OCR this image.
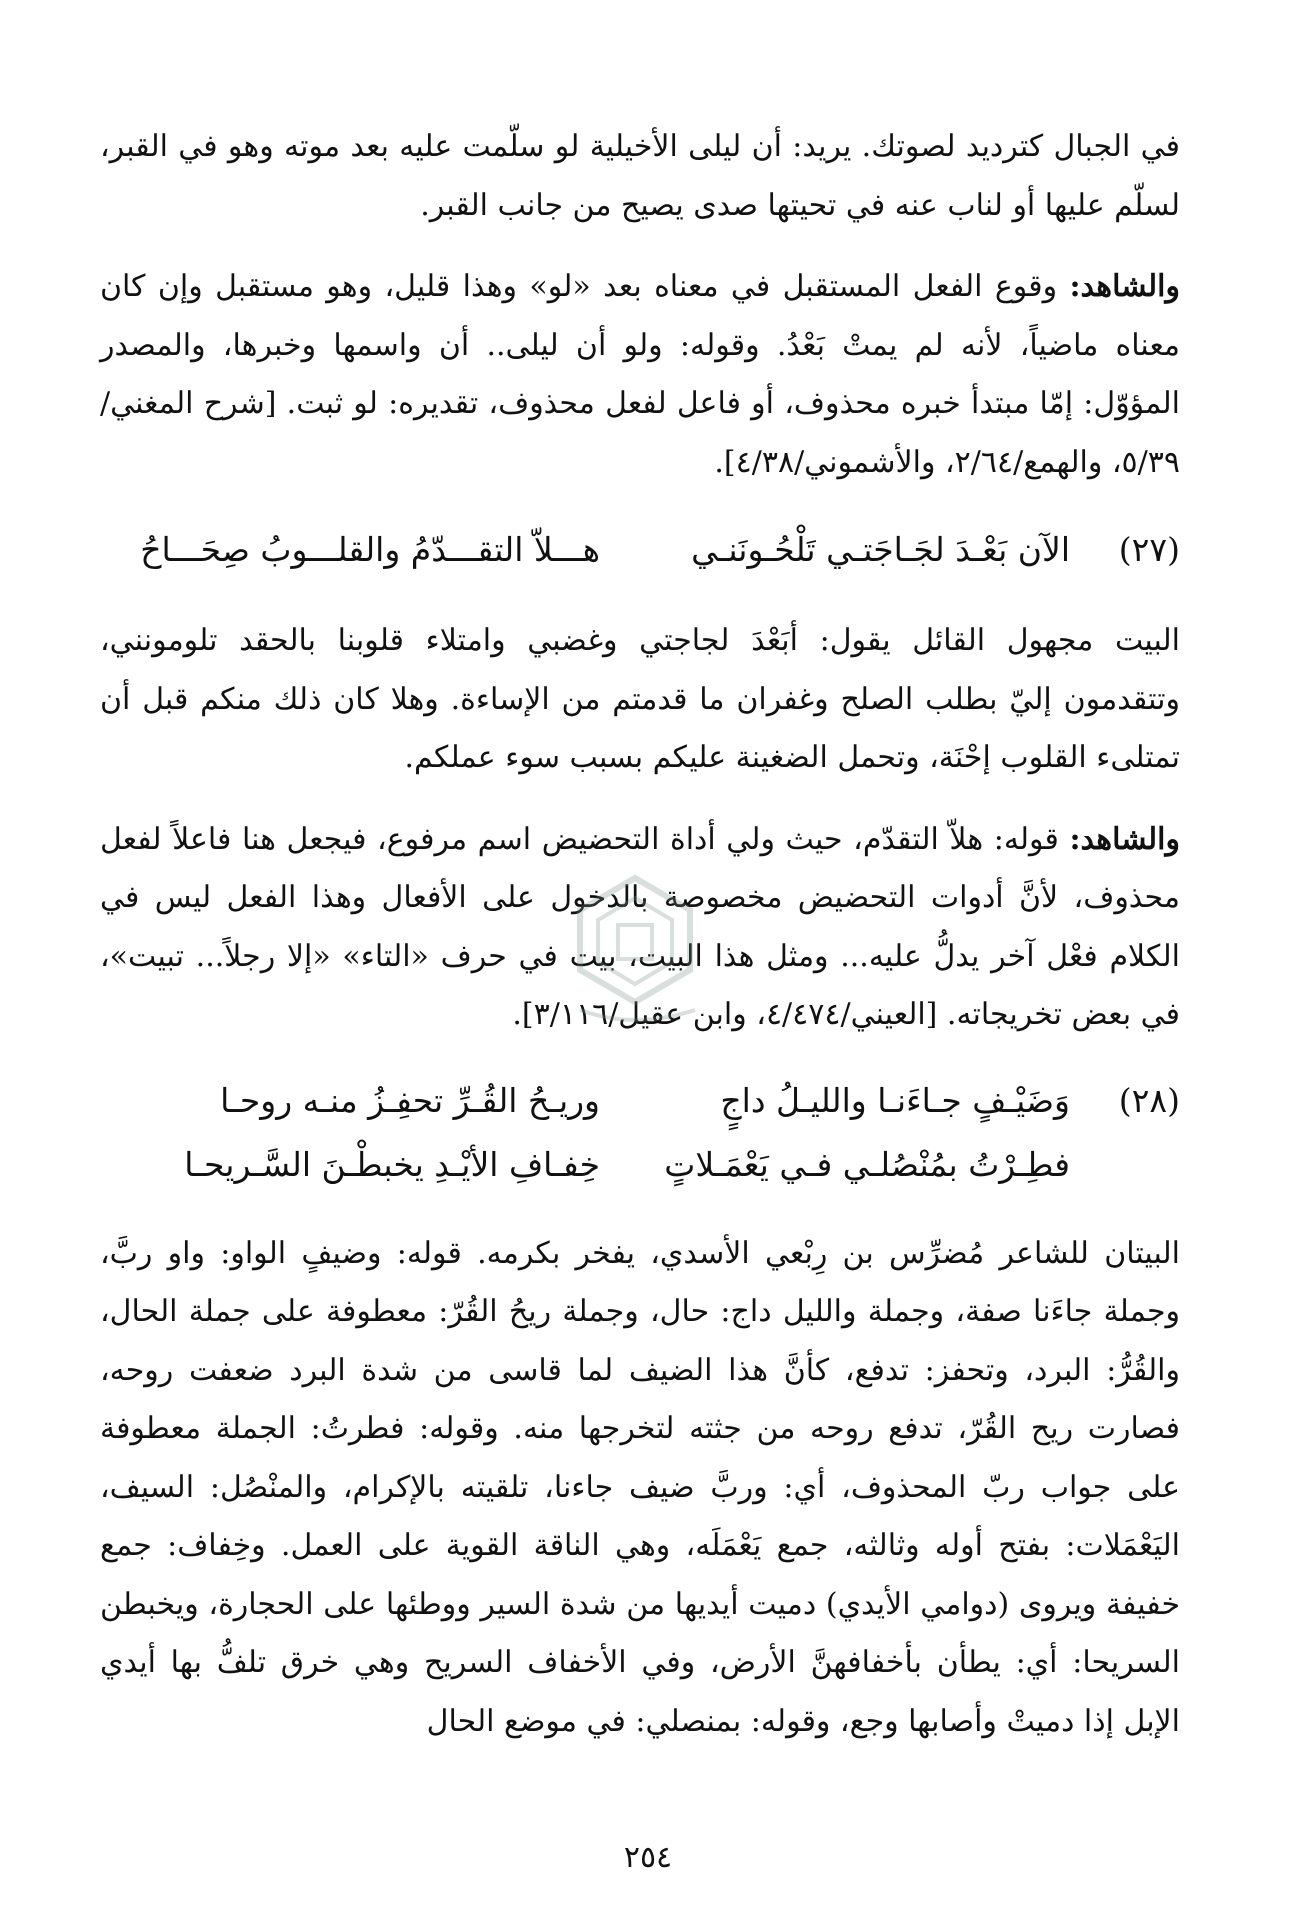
في الجبال كترديد لصوتك. يريد: أن ليلى الأخيلية لو سلّمت عليه بعد موته وهو في القبر، لسلّم عليها أو لناب عنه في تحيتها صدى يصيح من جانب القبر.

والشاهد: وقوع الفعل المستقبل في معناه بعد «لو» وهذا قليل، وهو مستقبل وإن كان معناه ماضياً، لأنه لم يمتْ بَعْدُ. وقوله: ولو أن ليلى.. أن واسمها وخبرها، والمصدر المؤوّل: إمّا مبتدأ خبره محذوف، أو فاعل لفعل محذوف، تقديره: لو ثبت. [شرح المغني/٥/٣٩، والهمع/٢/٦٤، والأشموني/٤/٣٨].

(٢٧)
الآن بَعْـدَ لجَـاجَتـي تَلْحُـونَنـي
هـــلاّ التقـــدّمُ والقلـــوبُ صِحَـــاحُ

البيت مجهول القائل يقول: أبَعْدَ لجاجتي وغضبي وامتلاء قلوبنا بالحقد تلومونني، وتتقدمون إليّ بطلب الصلح وغفران ما قدمتم من الإساءة. وهلا كان ذلك منكم قبل أن تمتلىء القلوب إحْنَة، وتحمل الضغينة عليكم بسبب سوء عملكم.

والشاهد: قوله: هلاّ التقدّم، حيث ولي أداة التحضيض اسم مرفوع، فيجعل هنا فاعلاً لفعل محذوف، لأنَّ أدوات التحضيض مخصوصة بالدخول على الأفعال وهذا الفعل ليس في الكلام فعْل آخر يدلُّ عليه... ومثل هذا البيت، بيت في حرف «التاء» «إلا رجلاً... تبيت»، في بعض تخريجاته. [العيني/٤/٤٧٤، وابن عقيل/٣/١١٦].

(٢٨)
وَضَيْـفٍ جـاءَنـا والليـلُ داجٍ
وريـحُ القُـرِّ تحفِـزُ منـه روحـا
فطِـرْتُ بمُنْصُلـي فـي يَعْمَـلاتٍ
خِفـافِ الأيْـدِ يخبطْـنَ السَّـريحـا

البيتان للشاعر مُضرِّس بن رِبْعي الأسدي، يفخر بكرمه. قوله: وضيفٍ الواو: واو ربَّ، وجملة جاءَنا صفة، وجملة والليل داج: حال، وجملة ريحُ القُرّ: معطوفة على جملة الحال، والقُرُّ: البرد، وتحفز: تدفع، كأنَّ هذا الضيف لما قاسى من شدة البرد ضعفت روحه، فصارت ريح القُرّ، تدفع روحه من جثته لتخرجها منه. وقوله: فطرتُ: الجملة معطوفة على جواب ربّ المحذوف، أي: وربَّ ضيف جاءنا، تلقيته بالإكرام، والمنْصُل: السيف، اليَعْمَلات: بفتح أوله وثالثه، جمع يَعْمَلَه، وهي الناقة القوية على العمل. وخِفاف: جمع خفيفة ويروى (دوامي الأيدي) دميت أيديها من شدة السير ووطئها على الحجارة، ويخبطن السريحا: أي: يطأن بأخفافهنَّ الأرض، وفي الأخفاف السريح وهي خرق تلفُّ بها أيدي الإبل إذا دميتْ وأصابها وجع، وقوله: بمنصلي: في موضع الحال

٢٥٤
